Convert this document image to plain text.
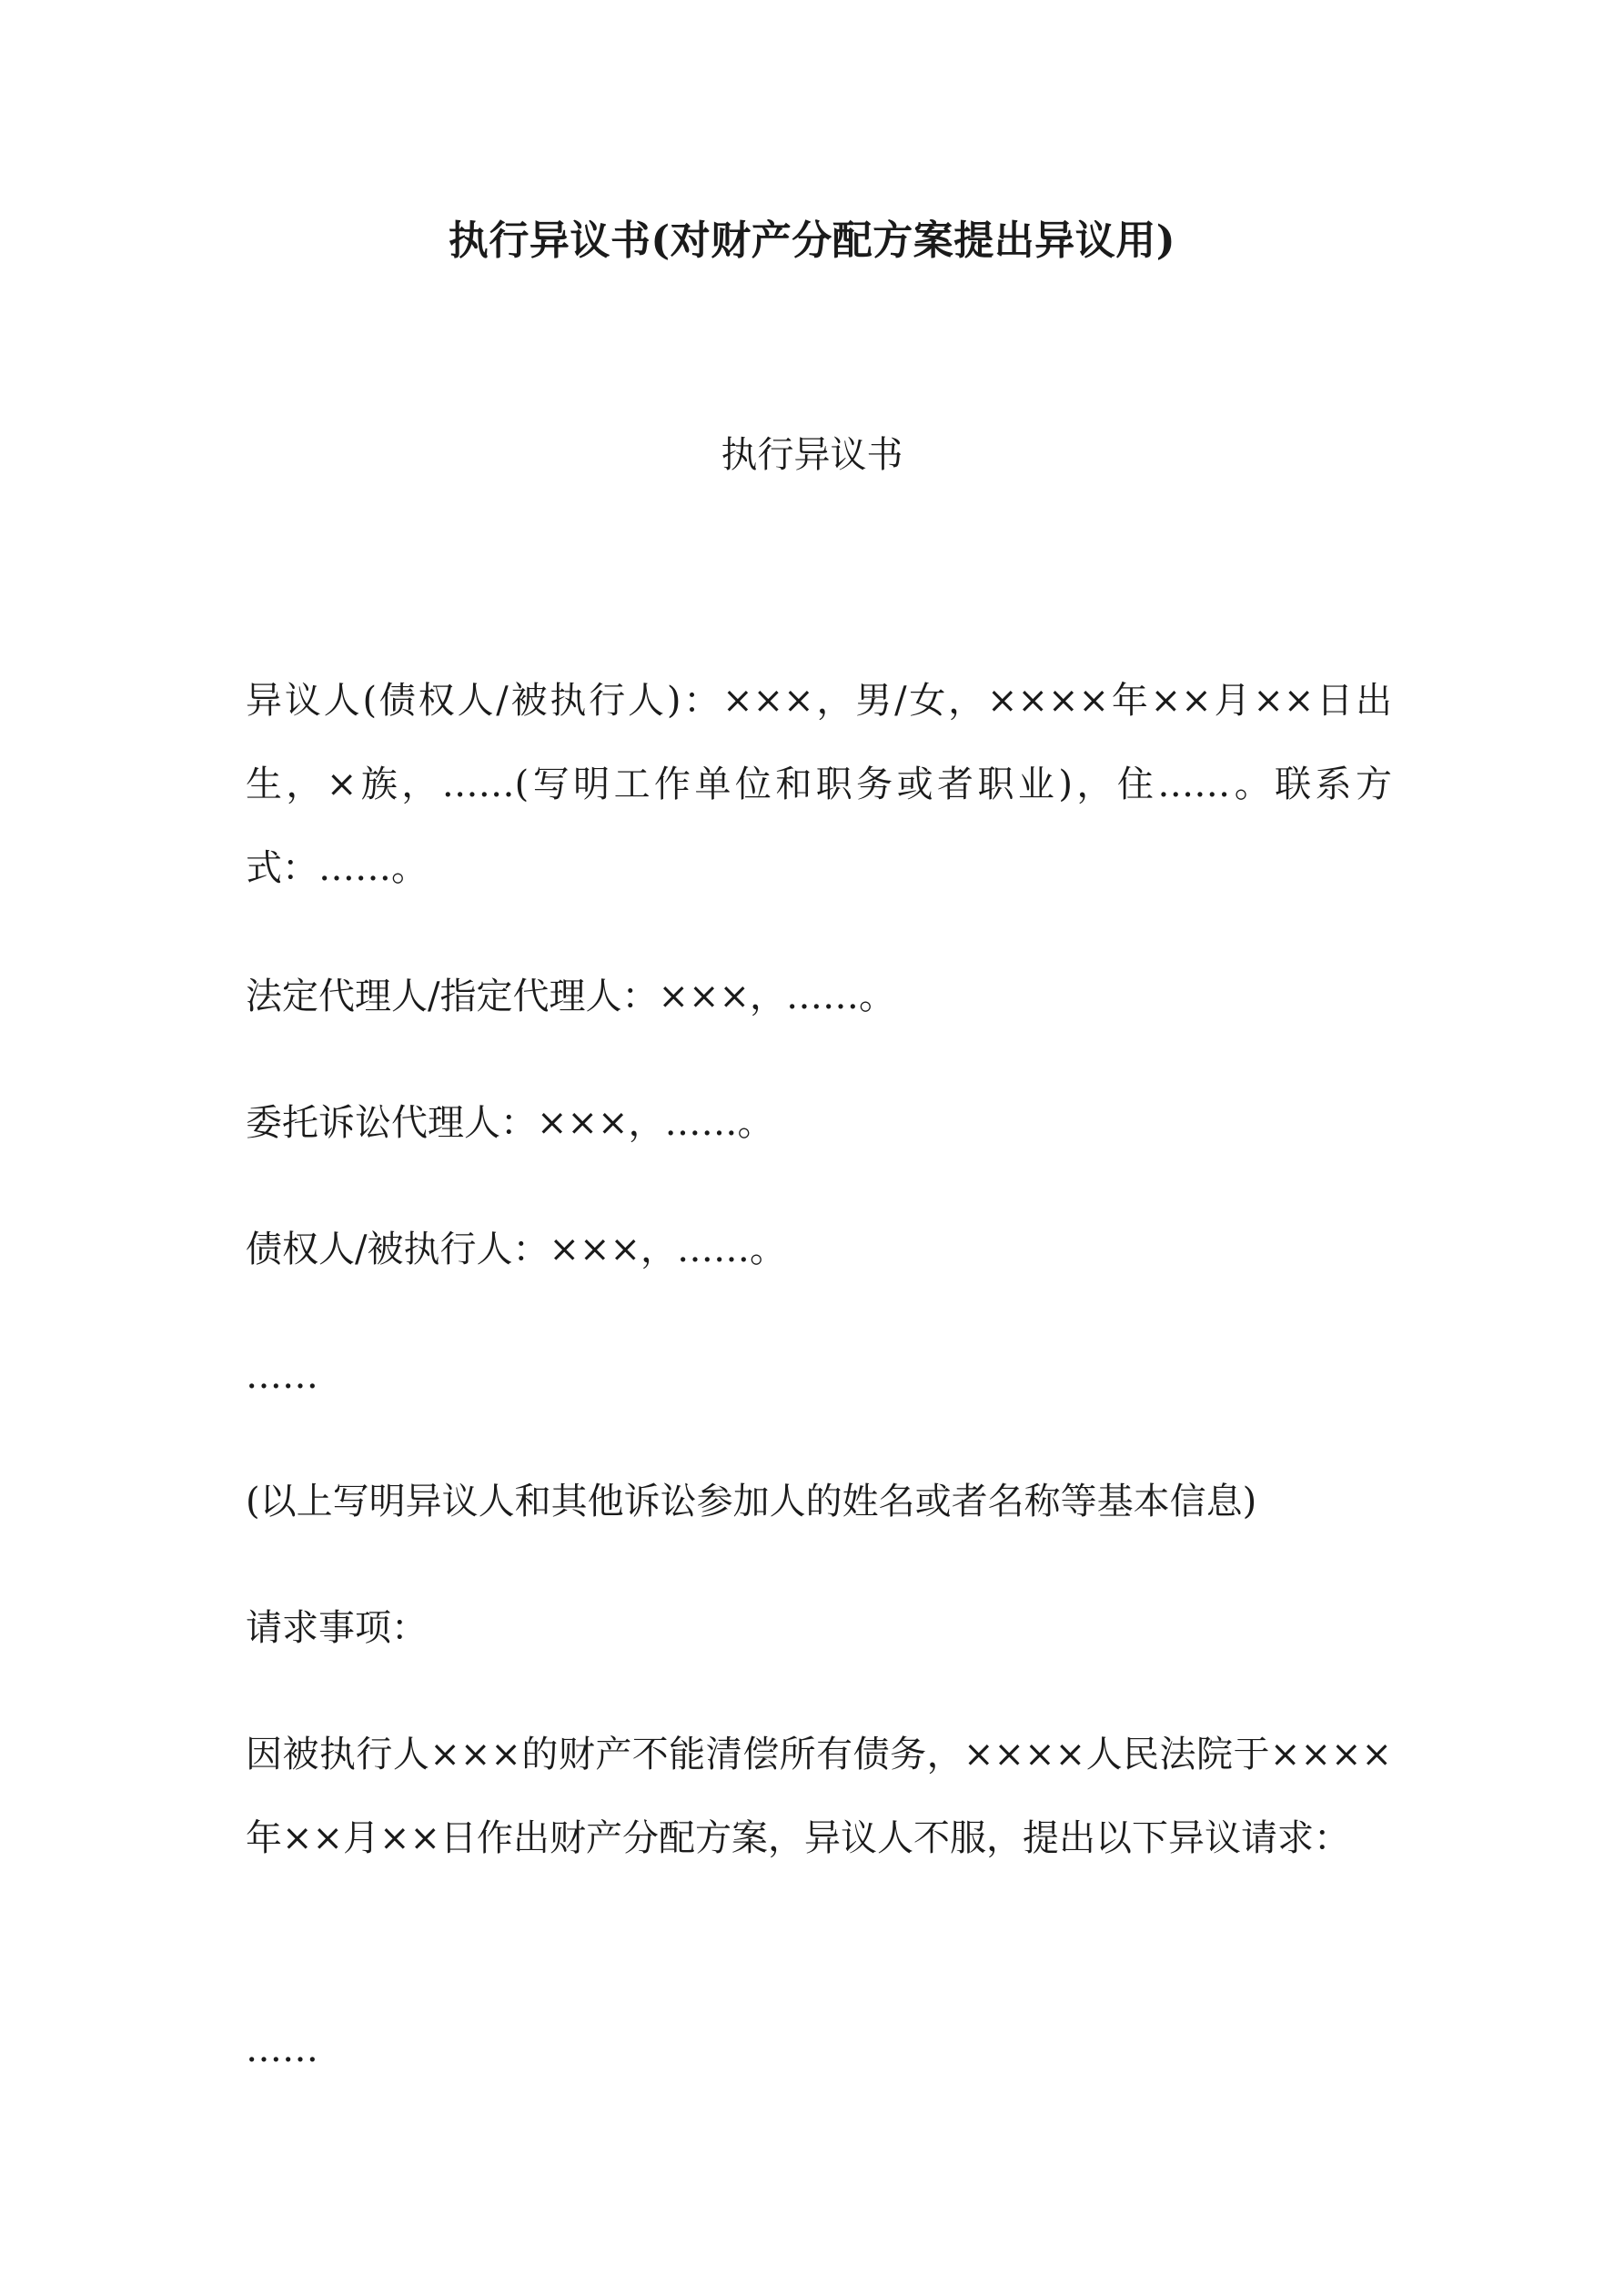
执行异议书(对财产分配方案提出异议用)
执行异议书
异议人(债权人/被执行人)：×××，男/女，××××年××月××日出生，×族，……(写明工作单位和职务或者职业)，住……。联系方式：……。
法定代理人/指定代理人：×××，……。
委托诉讼代理人：×××，……。
债权人/被执行人：×××，……。
……
(以上写明异议人和其他诉讼参加人的姓名或者名称等基本信息)
请求事项：
因被执行人×××的财产不能清偿所有债务，××××人民法院于××××年××月××日作出财产分配方案，异议人不服，提出以下异议请求：
……
